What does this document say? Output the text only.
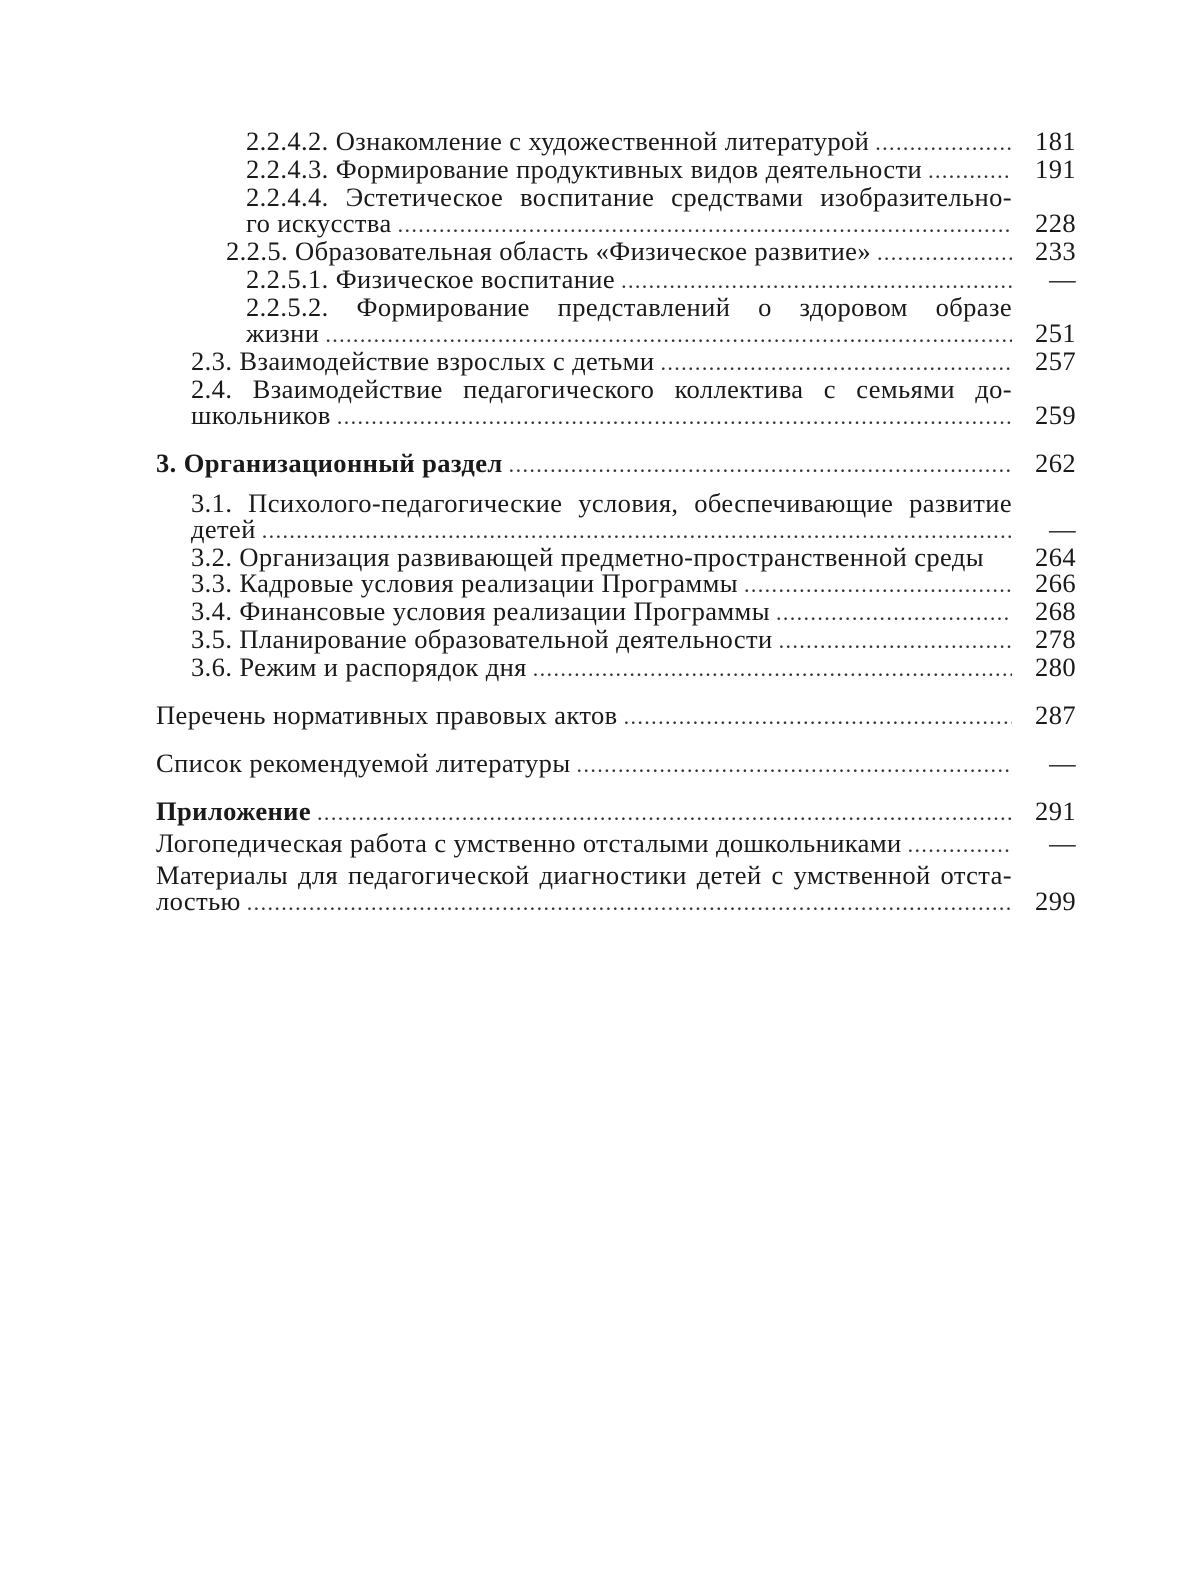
2.2.4.2. Ознакомление с художественной литературой .....	181
2.2.4.3. Формирование продуктивных видов деятельности .....	191
2.2.4.4. Эстетическое воспитание средствами изобразительно-
го искусства .....	228
2.2.5. Образовательная область «Физическое развитие» .....	233
2.2.5.1. Физическое воспитание .....	—
2.2.5.2. Формирование представлений о здоровом образе
жизни .....	251
2.3. Взаимодействие взрослых с детьми .....	257
2.4. Взаимодействие педагогического коллектива с семьями до-
школьников .....	259
3. Организационный раздел .....	262
3.1. Психолого-педагогические условия, обеспечивающие развитие
детей .....	—
3.2. Организация развивающей предметно-пространственной среды	264
3.3. Кадровые условия реализации Программы .....	266
3.4. Финансовые условия реализации Программы .....	268
3.5. Планирование образовательной деятельности .....	278
3.6. Режим и распорядок дня .....	280
Перечень нормативных правовых актов .....	287
Список рекомендуемой литературы .....	—
Приложение .....	291
Логопедическая работа с умственно отсталыми дошкольниками .....	—
Материалы для педагогической диагностики детей с умственной отста-
лостью .....	299
